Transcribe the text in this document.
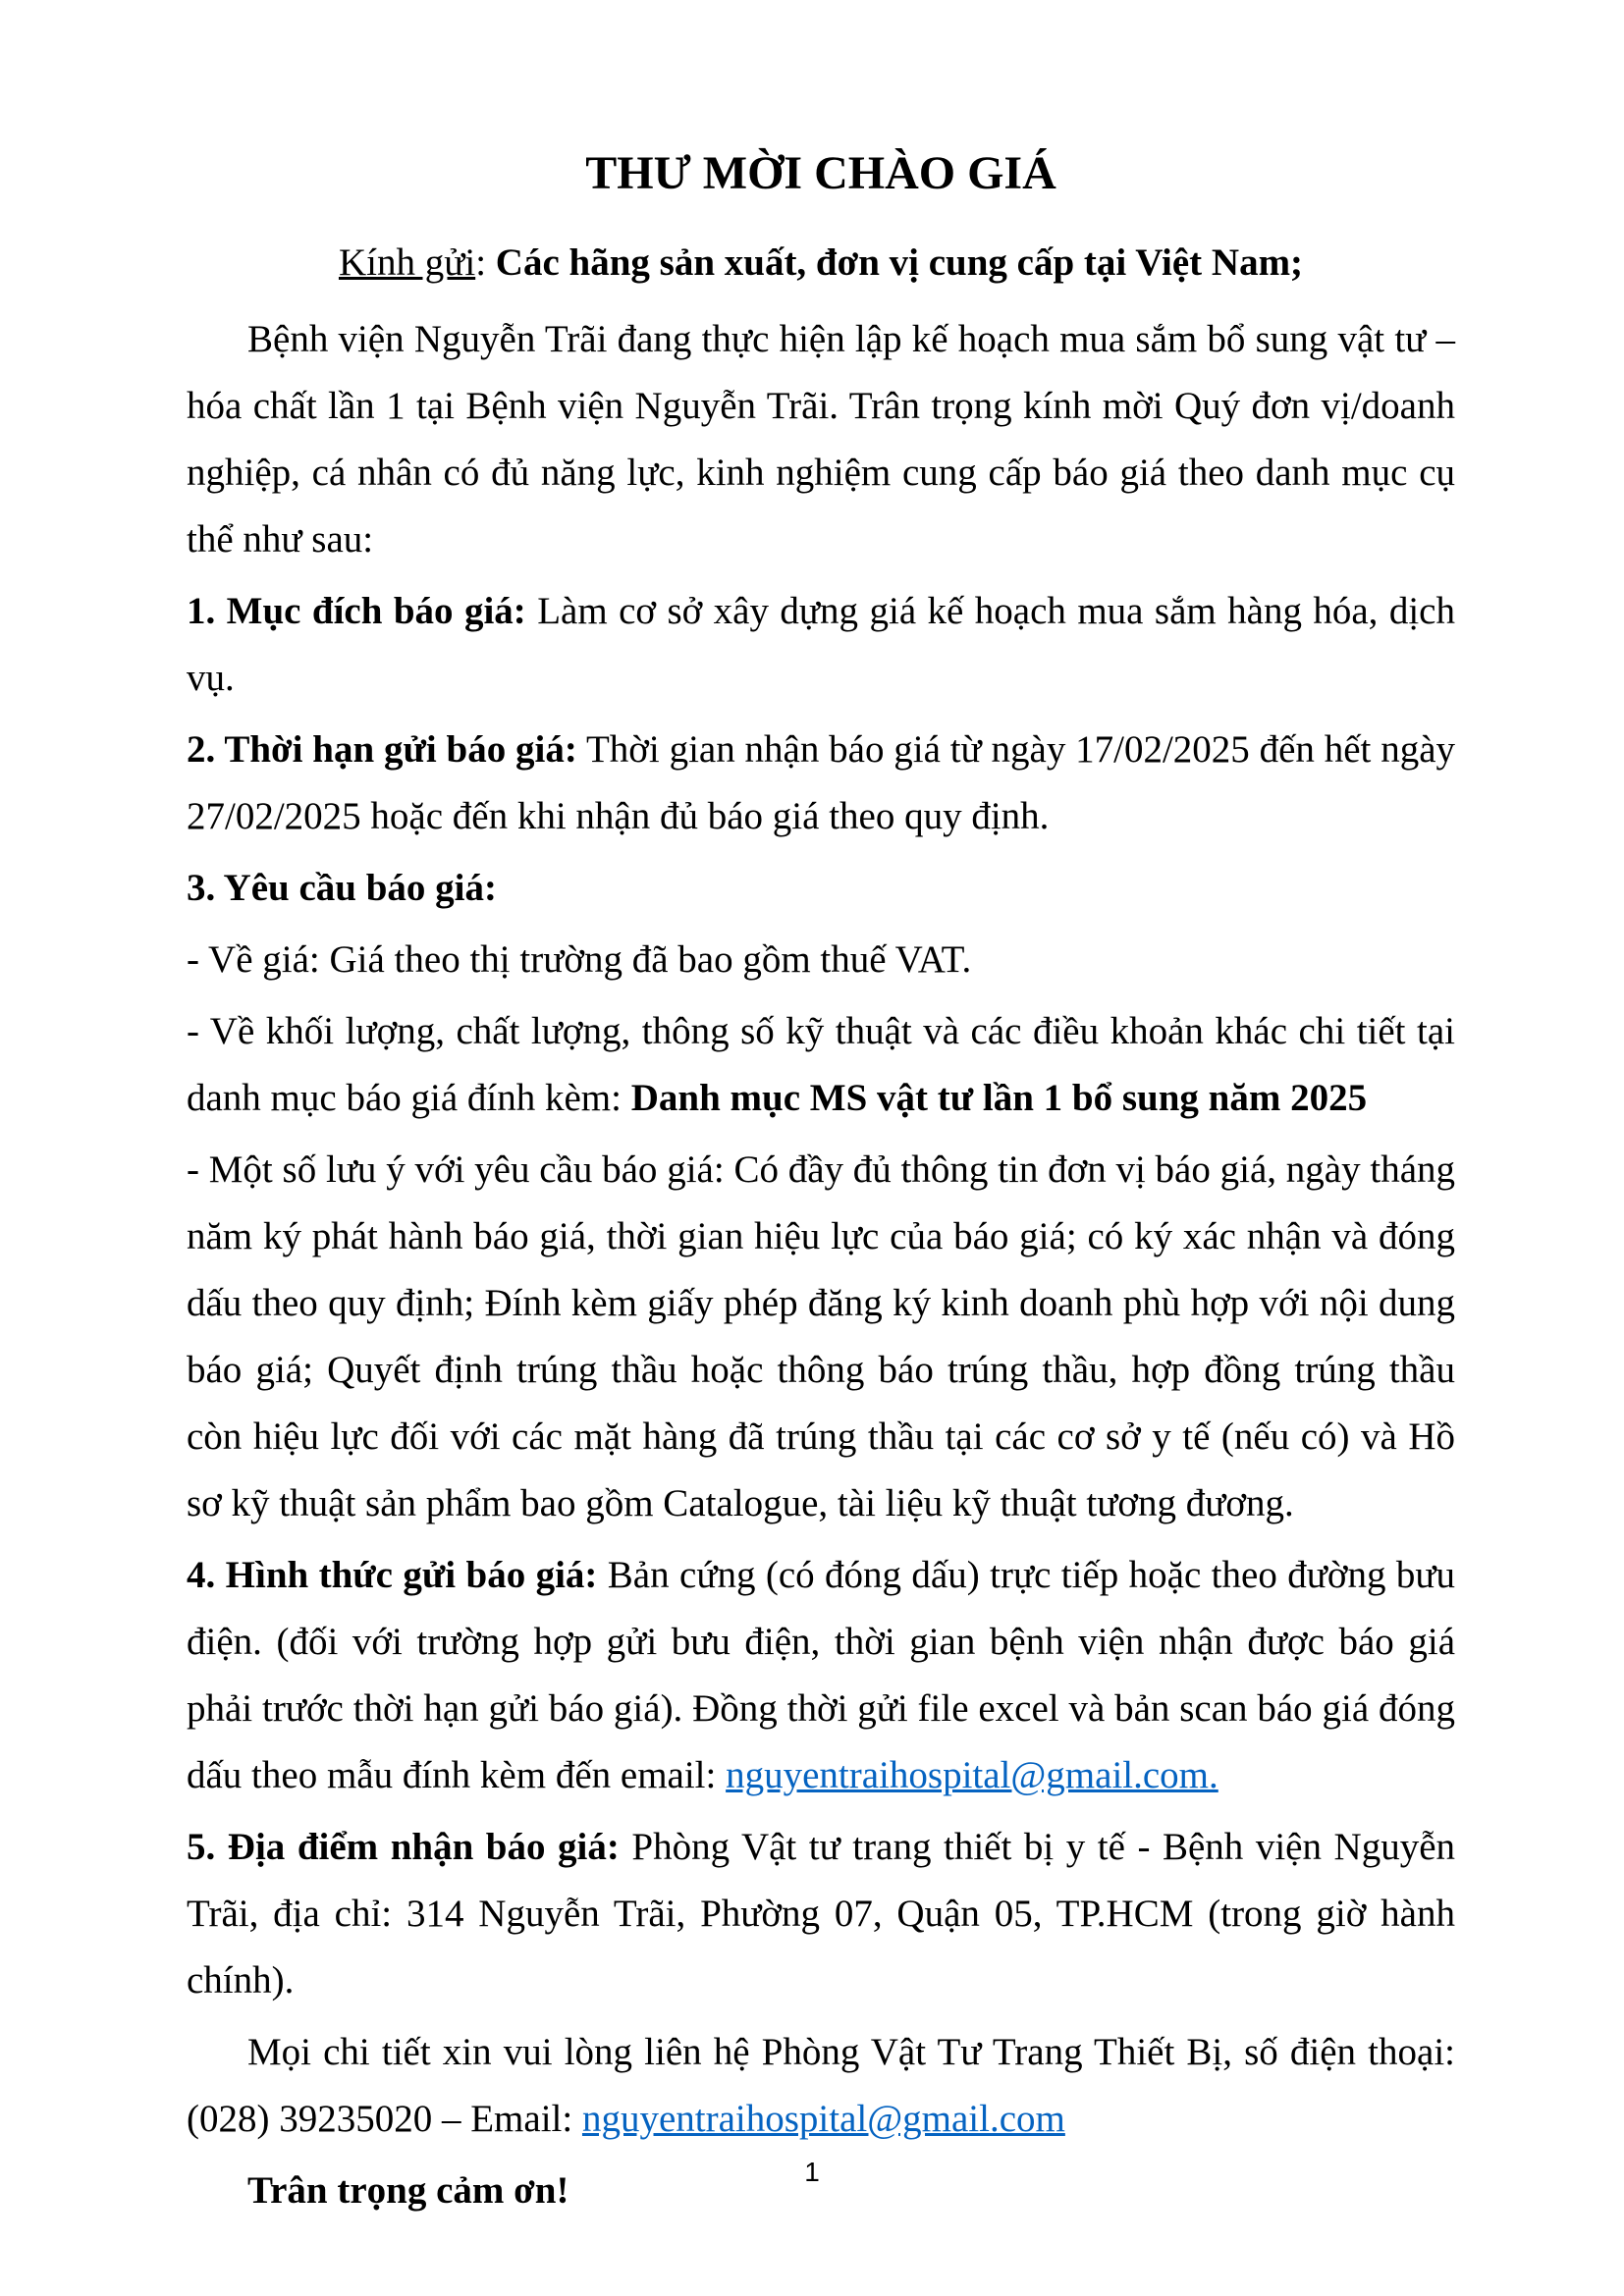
THƯ MỜI CHÀO GIÁ

Kính gửi: Các hãng sản xuất, đơn vị cung cấp tại Việt Nam;

Bệnh viện Nguyễn Trãi đang thực hiện lập kế hoạch mua sắm bổ sung vật tư – hóa chất lần 1 tại Bệnh viện Nguyễn Trãi. Trân trọng kính mời Quý đơn vị/doanh nghiệp, cá nhân có đủ năng lực, kinh nghiệm cung cấp báo giá theo danh mục cụ thể như sau:

1. Mục đích báo giá: Làm cơ sở xây dựng giá kế hoạch mua sắm hàng hóa, dịch vụ.

2. Thời hạn gửi báo giá: Thời gian nhận báo giá từ ngày 17/02/2025 đến hết ngày 27/02/2025 hoặc đến khi nhận đủ báo giá theo quy định.

3. Yêu cầu báo giá:

- Về giá: Giá theo thị trường đã bao gồm thuế VAT.

- Về khối lượng, chất lượng, thông số kỹ thuật và các điều khoản khác chi tiết tại danh mục báo giá đính kèm: Danh mục MS vật tư lần 1 bổ sung năm 2025

- Một số lưu ý với yêu cầu báo giá: Có đầy đủ thông tin đơn vị báo giá, ngày tháng năm ký phát hành báo giá, thời gian hiệu lực của báo giá; có ký xác nhận và đóng dấu theo quy định; Đính kèm giấy phép đăng ký kinh doanh phù hợp với nội dung báo giá; Quyết định trúng thầu hoặc thông báo trúng thầu, hợp đồng trúng thầu còn hiệu lực đối với các mặt hàng đã trúng thầu tại các cơ sở y tế (nếu có) và Hồ sơ kỹ thuật sản phẩm bao gồm Catalogue, tài liệu kỹ thuật tương đương.

4. Hình thức gửi báo giá: Bản cứng (có đóng dấu) trực tiếp hoặc theo đường bưu điện. (đối với trường hợp gửi bưu điện, thời gian bệnh viện nhận được báo giá phải trước thời hạn gửi báo giá). Đồng thời gửi file excel và bản scan báo giá đóng dấu theo mẫu đính kèm đến email: nguyentraihospital@gmail.com.

5. Địa điểm nhận báo giá: Phòng Vật tư trang thiết bị y tế - Bệnh viện Nguyễn Trãi, địa chỉ: 314 Nguyễn Trãi, Phường 07, Quận 05, TP.HCM (trong giờ hành chính).

Mọi chi tiết xin vui lòng liên hệ Phòng Vật Tư Trang Thiết Bị, số điện thoại: (028) 39235020 – Email: nguyentraihospital@gmail.com

Trân trọng cảm ơn!	1
